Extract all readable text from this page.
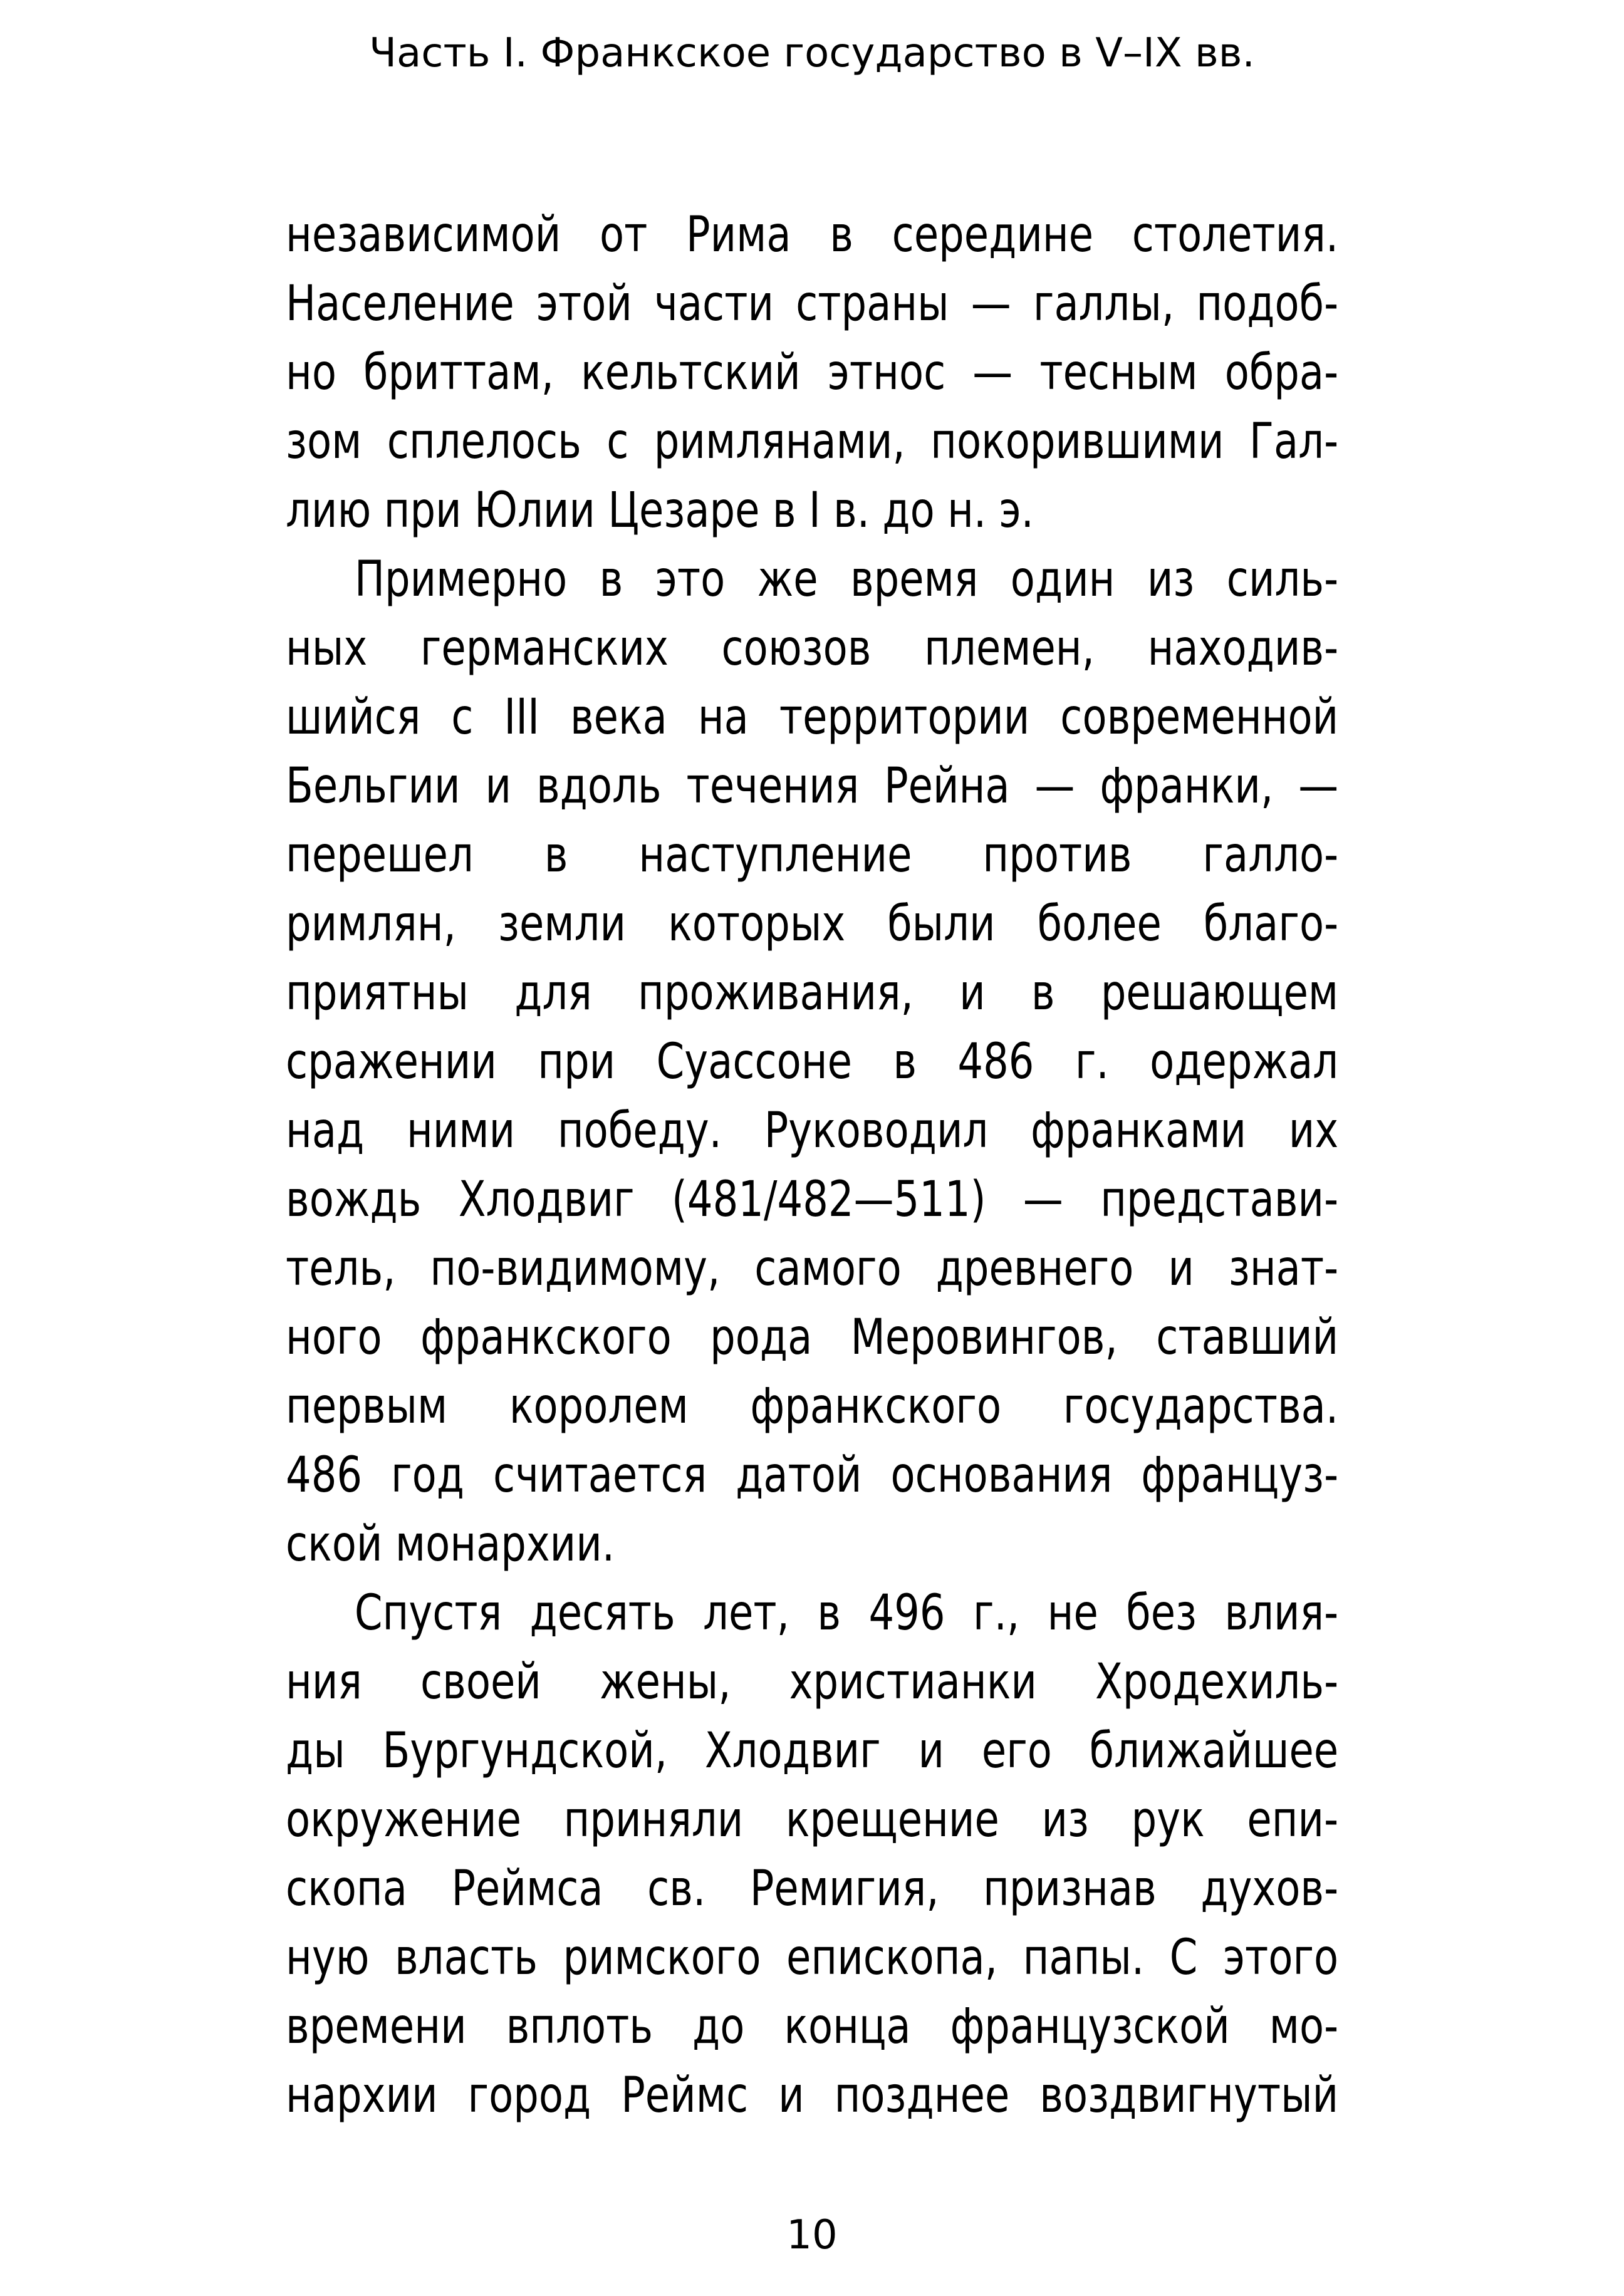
Часть I. Франкское государство в V–IX вв.
независимой от Рима в середине столетия.
Население этой части страны — галлы, подоб-
но бриттам, кельтский этнос — тесным обра-
зом сплелось с римлянами, покорившими Гал-
лию при Юлии Цезаре в I в. до н. э.
Примерно в это же время один из силь-
ных германских союзов племен, находив-
шийся с III века на территории современной
Бельгии и вдоль течения Рейна — франки, —
перешел в наступление против галло-
римлян, земли которых были более благо-
приятны для проживания, и в решающем
сражении при Суассоне в 486 г. одержал
над ними победу. Руководил франками их
вождь Хлодвиг (481/482—511) — представи-
тель, по-видимому, самого древнего и знат-
ного франкского рода Меровингов, ставший
первым королем франкского государства.
486 год считается датой основания француз-
ской монархии.
Спустя десять лет, в 496 г., не без влия-
ния своей жены, христианки Хродехиль-
ды Бургундской, Хлодвиг и его ближайшее
окружение приняли крещение из рук епи-
скопа Реймса св. Ремигия, признав духов-
ную власть римского епископа, папы. С этого
времени вплоть до конца французской мо-
нархии город Реймс и позднее воздвигнутый
10
